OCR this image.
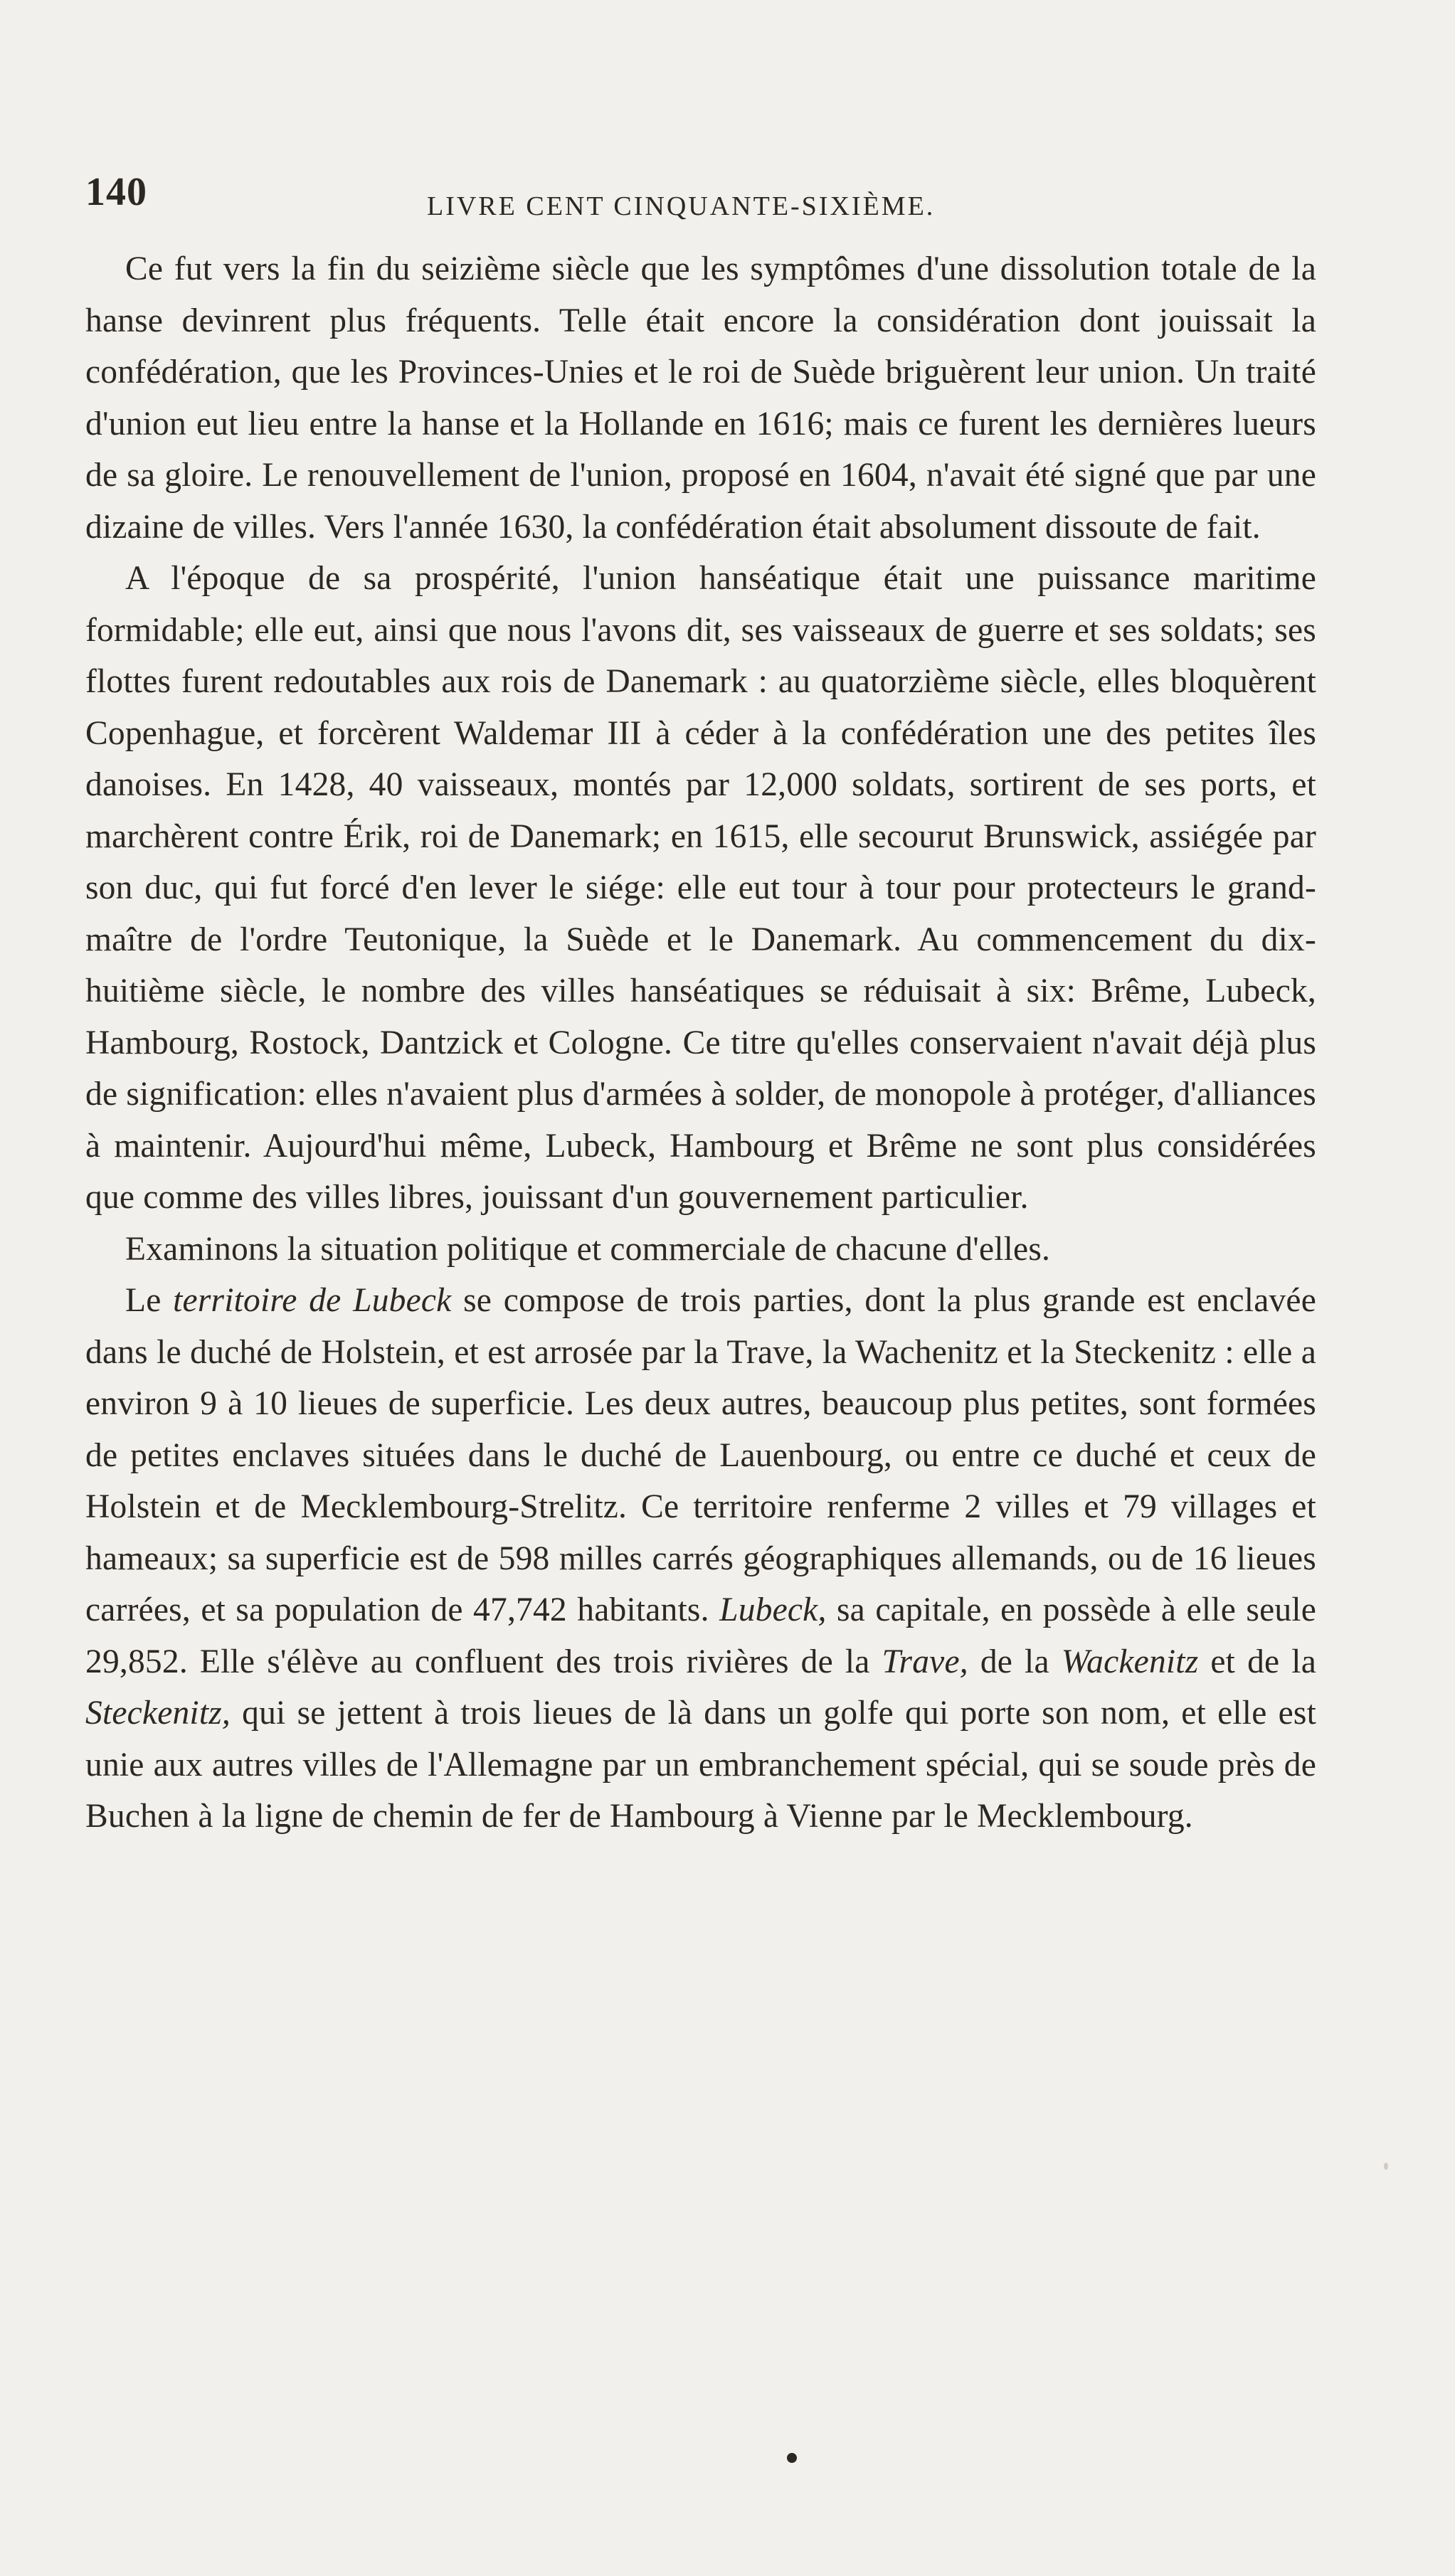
140	LIVRE CENT CINQUANTE-SIXIÈME.

Ce fut vers la fin du seizième siècle que les symptômes d'une dissolution totale de la hanse devinrent plus fréquents. Telle était encore la considération dont jouissait la confédération, que les Provinces-Unies et le roi de Suède briguèrent leur union. Un traité d'union eut lieu entre la hanse et la Hollande en 1616; mais ce furent les dernières lueurs de sa gloire. Le renouvellement de l'union, proposé en 1604, n'avait été signé que par une dizaine de villes. Vers l'année 1630, la confédération était absolument dissoute de fait.

A l'époque de sa prospérité, l'union hanséatique était une puissance maritime formidable; elle eut, ainsi que nous l'avons dit, ses vaisseaux de guerre et ses soldats; ses flottes furent redoutables aux rois de Danemark : au quatorzième siècle, elles bloquèrent Copenhague, et forcèrent Waldemar III à céder à la confédération une des petites îles danoises. En 1428, 40 vaisseaux, montés par 12,000 soldats, sortirent de ses ports, et marchèrent contre Érik, roi de Danemark; en 1615, elle secourut Brunswick, assiégée par son duc, qui fut forcé d'en lever le siége: elle eut tour à tour pour protecteurs le grand-maître de l'ordre Teutonique, la Suède et le Danemark. Au commencement du dix-huitième siècle, le nombre des villes hanséatiques se réduisait à six: Brême, Lubeck, Hambourg, Rostock, Dantzick et Cologne. Ce titre qu'elles conservaient n'avait déjà plus de signification: elles n'avaient plus d'armées à solder, de monopole à protéger, d'alliances à maintenir. Aujourd'hui même, Lubeck, Hambourg et Brême ne sont plus considérées que comme des villes libres, jouissant d'un gouvernement particulier.

Examinons la situation politique et commerciale de chacune d'elles.

Le territoire de Lubeck se compose de trois parties, dont la plus grande est enclavée dans le duché de Holstein, et est arrosée par la Trave, la Wachenitz et la Steckenitz : elle a environ 9 à 10 lieues de superficie. Les deux autres, beaucoup plus petites, sont formées de petites enclaves situées dans le duché de Lauenbourg, ou entre ce duché et ceux de Holstein et de Mecklembourg-Strelitz. Ce territoire renferme 2 villes et 79 villages et hameaux; sa superficie est de 598 milles carrés géographiques allemands, ou de 16 lieues carrées, et sa population de 47,742 habitants. Lubeck, sa capitale, en possède à elle seule 29,852. Elle s'élève au confluent des trois rivières de la Trave, de la Wackenitz et de la Steckenitz, qui se jettent à trois lieues de là dans un golfe qui porte son nom, et elle est unie aux autres villes de l'Allemagne par un embranchement spécial, qui se soude près de Buchen à la ligne de chemin de fer de Hambourg à Vienne par le Mecklembourg.
